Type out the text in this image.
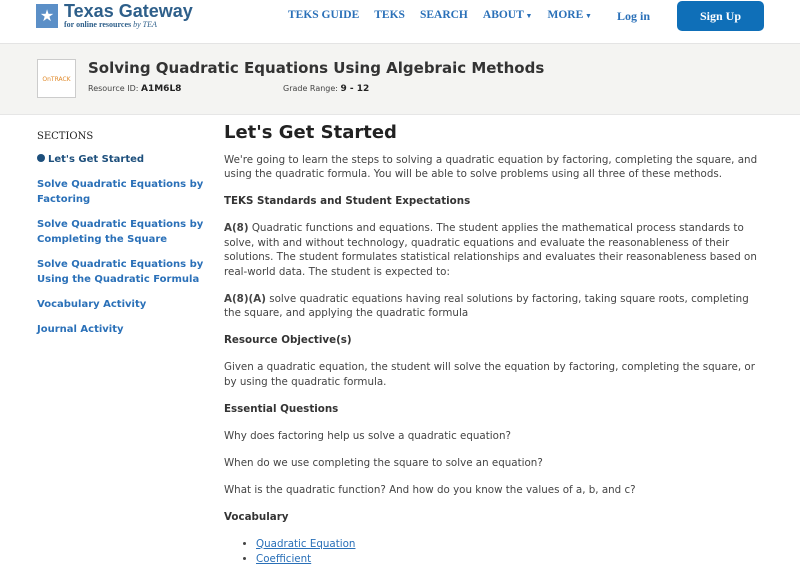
★ Texas Gateway
for online resources by TEA
TEKS GUIDE TEKS SEARCH ABOUT ▼ MORE ▼ Log in	Sign Up
OnTRACK
Solving Quadratic Equations Using Algebraic Methods
Resource ID: A1M6L8	Grade Range: 9 - 12
SECTIONS
Let's Get Started
Solve Quadratic Equations by Factoring
Solve Quadratic Equations by Completing the Square
Solve Quadratic Equations by Using the Quadratic Formula
Vocabulary Activity
Journal Activity
Let's Get Started

We're going to learn the steps to solving a quadratic equation by factoring, completing the square, and using the quadratic formula. You will be able to solve problems using all three of these methods.

TEKS Standards and Student Expectations

A(8) Quadratic functions and equations. The student applies the mathematical process standards to solve, with and without technology, quadratic equations and evaluate the reasonableness of their solutions. The student formulates statistical relationships and evaluates their reasonableness based on real-world data. The student is expected to:

A(8)(A) solve quadratic equations having real solutions by factoring, taking square roots, completing the square, and applying the quadratic formula

Resource Objective(s)

Given a quadratic equation, the student will solve the equation by factoring, completing the square, or by using the quadratic formula.

Essential Questions

Why does factoring help us solve a quadratic equation?

When do we use completing the square to solve an equation?

What is the quadratic function? And how do you know the values of a, b, and c?

Vocabulary

• Quadratic Equation
• Coefficient
